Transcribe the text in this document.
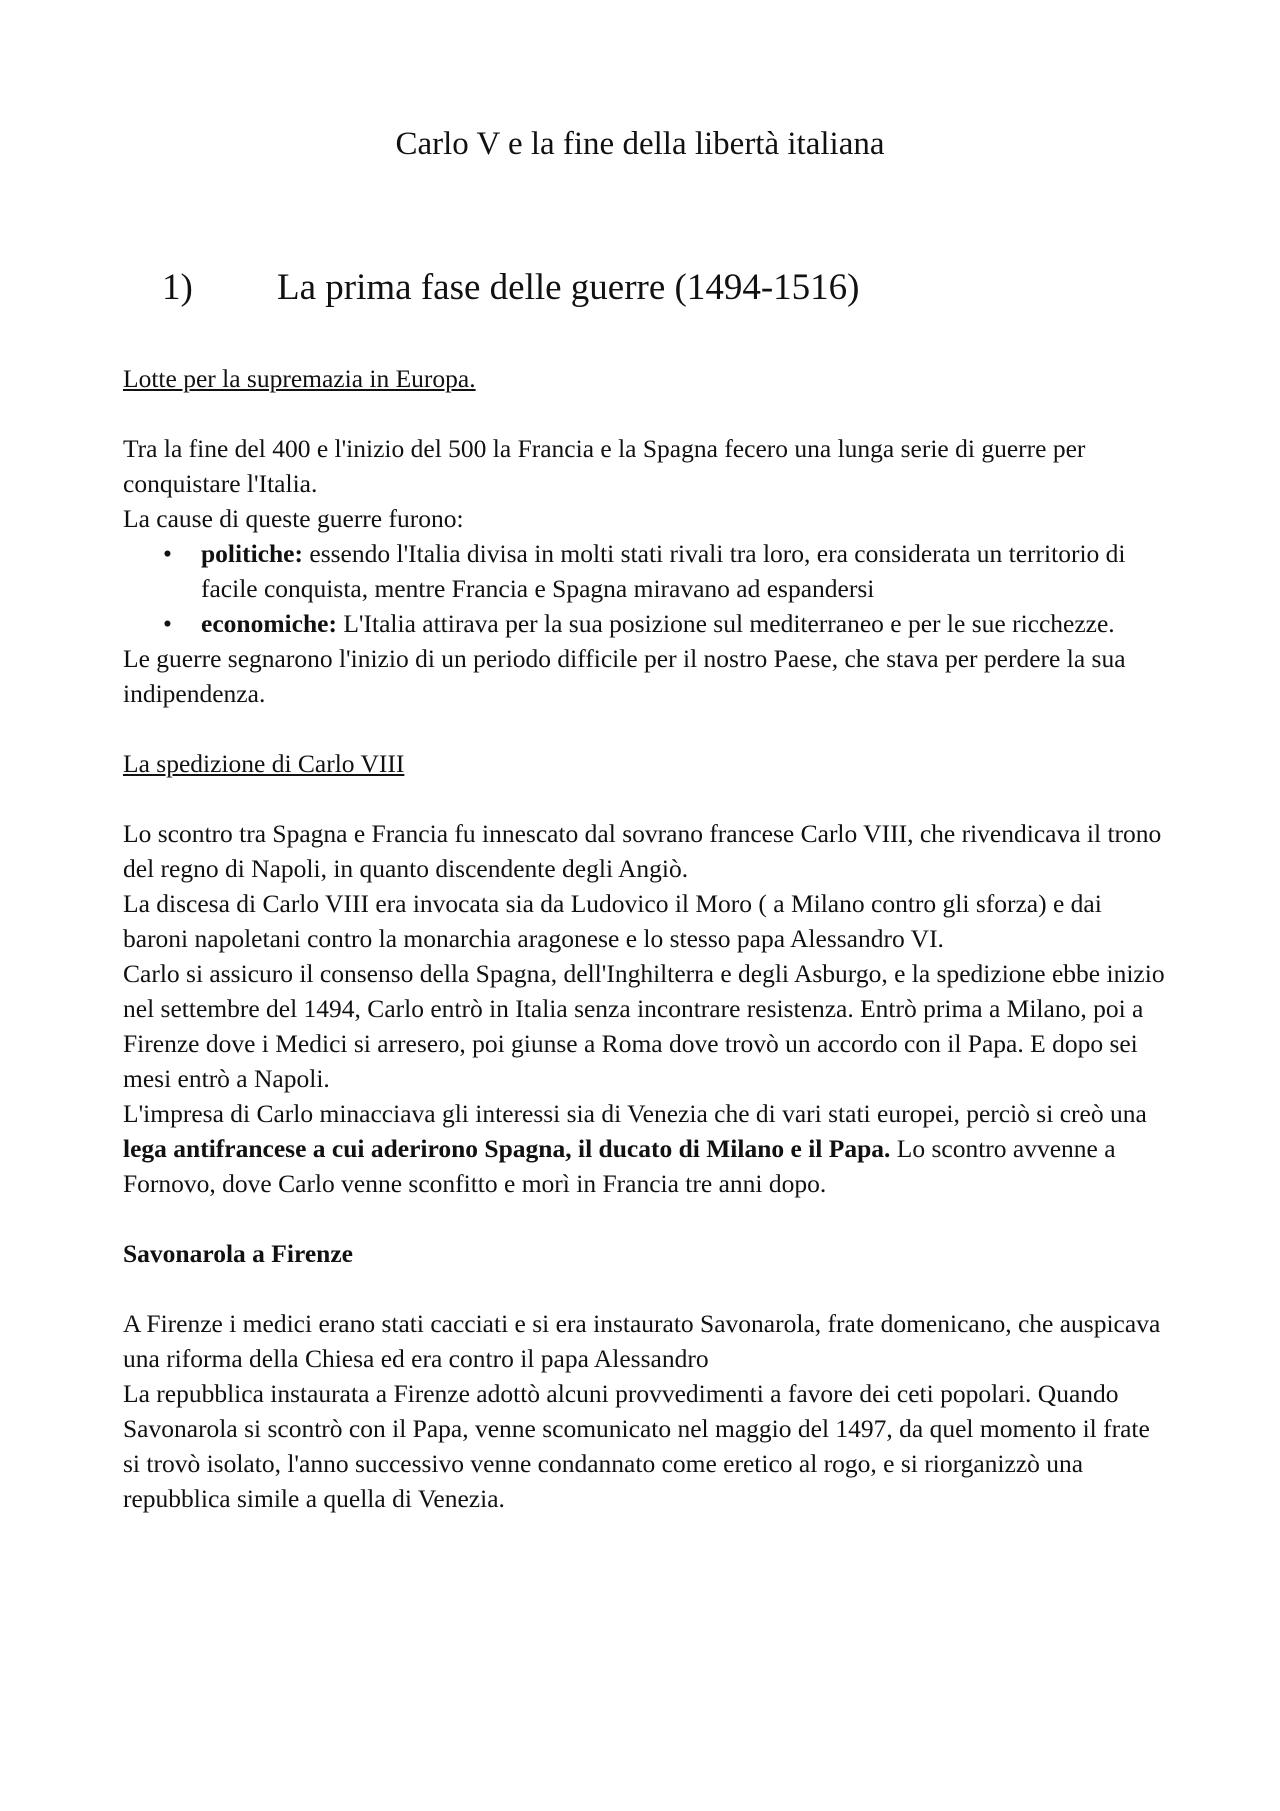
Carlo V e la fine della libertà italiana
1) La prima fase delle guerre (1494-1516)

Lotte per la supremazia in Europa.

Tra la fine del 400 e l'inizio del 500 la Francia e la Spagna fecero una lunga serie di guerre per conquistare l'Italia.

La cause di queste guerre furono:

• politiche: essendo l'Italia divisa in molti stati rivali tra loro, era considerata un territorio di facile conquista, mentre Francia e Spagna miravano ad espandersi
• economiche: L'Italia attirava per la sua posizione sul mediterraneo e per le sue ricchezze.

Le guerre segnarono l'inizio di un periodo difficile per il nostro Paese, che stava per perdere la sua indipendenza.

La spedizione di Carlo VIII

Lo scontro tra Spagna e Francia fu innescato dal sovrano francese Carlo VIII, che rivendicava il trono del regno di Napoli, in quanto discendente degli Angiò.

La discesa di Carlo VIII era invocata sia da Ludovico il Moro ( a Milano contro gli sforza) e dai baroni napoletani contro la monarchia aragonese e lo stesso papa Alessandro VI.

Carlo si assicuro il consenso della Spagna, dell'Inghilterra e degli Asburgo, e la spedizione ebbe inizio nel settembre del 1494, Carlo entrò in Italia senza incontrare resistenza. Entrò prima a Milano, poi a Firenze dove i Medici si arresero, poi giunse a Roma dove trovò un accordo con il Papa. E dopo sei mesi entrò a Napoli.

L'impresa di Carlo minacciava gli interessi sia di Venezia che di vari stati europei, perciò si creò una lega antifrancese a cui aderirono Spagna, il ducato di Milano e il Papa. Lo scontro avvenne a Fornovo, dove Carlo venne sconfitto e morì in Francia tre anni dopo.

Savonarola a Firenze

A Firenze i medici erano stati cacciati e si era instaurato Savonarola, frate domenicano, che auspicava una riforma della Chiesa ed era contro il papa Alessandro

La repubblica instaurata a Firenze adottò alcuni provvedimenti a favore dei ceti popolari. Quando Savonarola si scontrò con il Papa, venne scomunicato nel maggio del 1497, da quel momento il frate si trovò isolato, l'anno successivo venne condannato come eretico al rogo, e si riorganizzò una repubblica simile a quella di Venezia.
